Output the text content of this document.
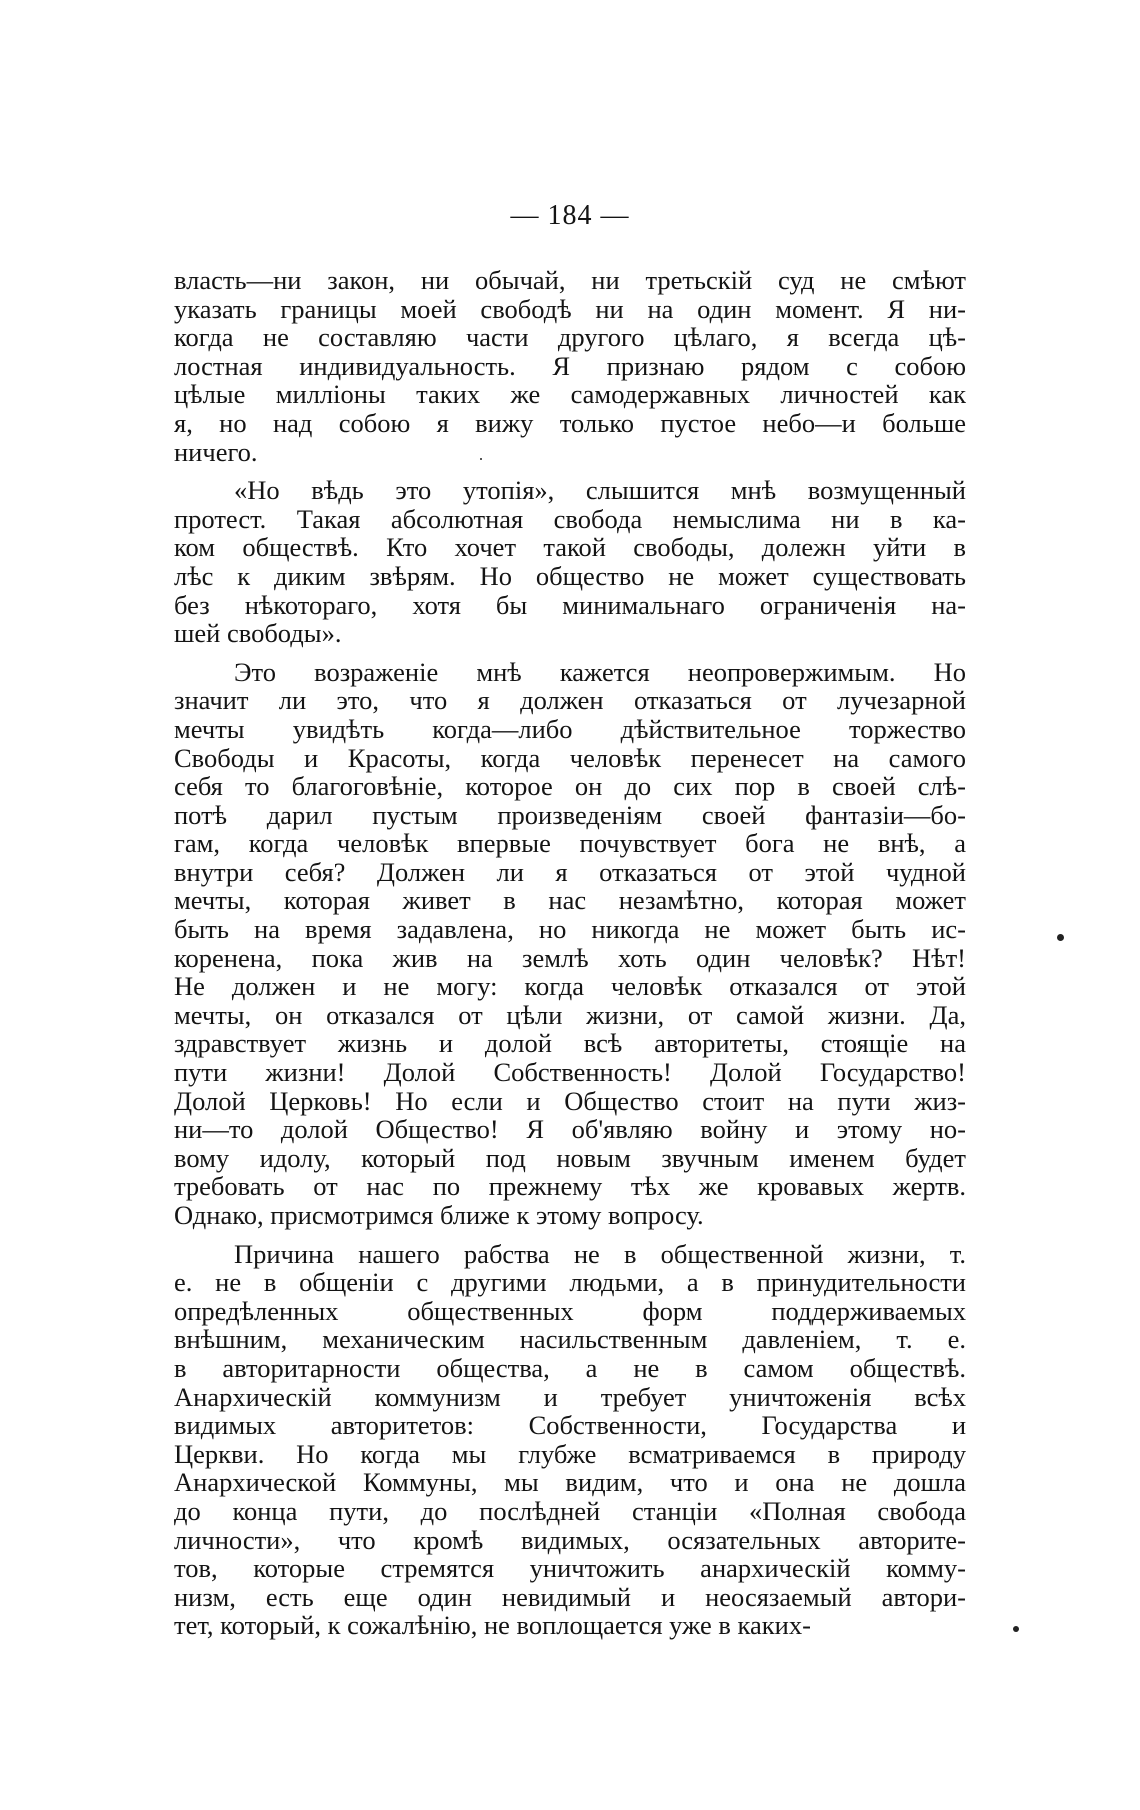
— 184 —
власть—ни закон, ни обычай, ни третьскій суд не смѣют
указать границы моей свободѣ ни на один момент. Я ни-
когда не составляю части другого цѣлаго, я всегда цѣ-
лостная индивидуальность. Я признаю рядом с собою
цѣлые милліоны таких же самодержавных личностей как
я, но над собою я вижу только пустое небо—и больше
ничего.
«Но вѣдь это утопія», слышится мнѣ возмущенный
протест. Такая абсолютная свобода немыслима ни в ка-
ком обществѣ. Кто хочет такой свободы, долежн уйти в
лѣс к диким звѣрям. Но общество не может существовать
без нѣкотораго, хотя бы минимальнаго ограниченія на-
шей свободы».
Это возраженіе мнѣ кажется неопровержимым. Но
значит ли это, что я должен отказаться от лучезарной
мечты увидѣть когда—либо дѣйствительное торжество
Свободы и Красоты, когда человѣк перенесет на самого
себя то благоговѣніе, которое он до сих пор в своей слѣ-
потѣ дарил пустым произведеніям своей фантазіи—бо-
гам, когда человѣк впервые почувствует бога не внѣ, а
внутри себя? Должен ли я отказаться от этой чудной
мечты, которая живет в нас незамѣтно, которая может
быть на время задавлена, но никогда не может быть ис-
коренена, пока жив на землѣ хоть один человѣк? Нѣт!
Не должен и не могу: когда человѣк отказался от этой
мечты, он отказался от цѣли жизни, от самой жизни. Да,
здравствует жизнь и долой всѣ авторитеты, стоящіе на
пути жизни! Долой Собственность! Долой Государство!
Долой Церковь! Но если и Общество стоит на пути жиз-
ни—то долой Общество! Я об'являю войну и этому но-
вому идолу, который под новым звучным именем будет
требовать от нас по прежнему тѣх же кровавых жертв.
Однако, присмотримся ближе к этому вопросу.
Причина нашего рабства не в общественной жизни, т.
е. не в общеніи с другими людьми, а в принудительности
опредѣленных общественных форм поддерживаемых
внѣшним, механическим насильственным давленіем, т. е.
в авторитарности общества, а не в самом обществѣ.
Анархическій коммунизм и требует уничтоженія всѣх
видимых авторитетов: Собственности, Государства и
Церкви. Но когда мы глубже всматриваемся в природу
Анархической Коммуны, мы видим, что и она не дошла
до конца пути, до послѣдней станціи «Полная свобода
личности», что кромѣ видимых, осязательных авторите-
тов, которые стремятся уничтожить анархическій комму-
низм, есть еще один невидимый и неосязаемый автори-
тет, который, к сожалѣнію, не воплощается уже в каких-
